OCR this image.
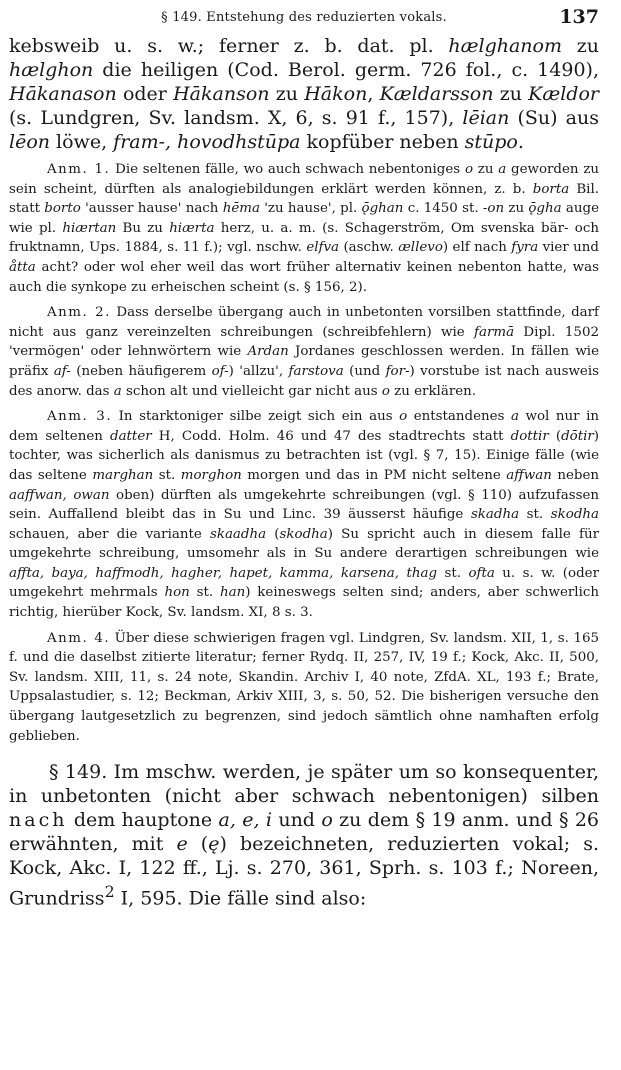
§ 149. Entstehung des reduzierten vokals.	137

kebsweib u. s. w.; ferner z. b. dat. pl. hælghanom zu hælghon die heiligen (Cod. Berol. germ. 726 fol., c. 1490), Hākanason oder Hākanson zu Hākon, Kældarsson zu Kældor (s. Lundgren, Sv. landsm. X, 6, s. 91 f., 157), lēian (Su) aus lēon löwe, fram-, hovodhstūpa kopfüber neben stūpo.

Anm. 1. Die seltenen fälle, wo auch schwach nebentoniges o zu a geworden zu sein scheint, dürften als analogiebildungen erklärt werden können, z. b. borta Bil. statt borto 'ausser hause' nach hēma 'zu hause', pl. ǭghan c. 1450 st. -on zu ǭgha auge wie pl. hiærtan Bu zu hiærta herz, u. a. m. (s. Schagerström, Om svenska bär- och fruktnamn, Ups. 1884, s. 11 f.); vgl. nschw. elfva (aschw. ællevo) elf nach fyra vier und åtta acht? oder wol eher weil das wort früher alternativ keinen nebenton hatte, was auch die synkope zu erheischen scheint (s. § 156, 2).

Anm. 2. Dass derselbe übergang auch in unbetonten vorsilben stattfinde, darf nicht aus ganz vereinzelten schreibungen (schreibfehlern) wie farmā Dipl. 1502 'vermögen' oder lehnwörtern wie Ardan Jordanes geschlossen werden. In fällen wie präfix af- (neben häufigerem of-) 'allzu', farstova (und for-) vorstube ist nach ausweis des anorw. das a schon alt und vielleicht gar nicht aus o zu erklären.

Anm. 3. In starktoniger silbe zeigt sich ein aus o entstandenes a wol nur in dem seltenen datter H, Codd. Holm. 46 und 47 des stadtrechts statt dottir (dōtir) tochter, was sicherlich als danismus zu betrachten ist (vgl. § 7, 15). Einige fälle (wie das seltene marghan st. morghon morgen und das in PM nicht seltene affwan neben aaffwan, owan oben) dürften als umgekehrte schreibungen (vgl. § 110) aufzufassen sein. Auffallend bleibt das in Su und Linc. 39 äusserst häufige skadha st. skodha schauen, aber die variante skaadha (skodha) Su spricht auch in diesem falle für umgekehrte schreibung, umsomehr als in Su andere derartigen schreibungen wie affta, baya, haffmodh, hagher, hapet, kamma, karsena, thag st. ofta u. s. w. (oder umgekehrt mehrmals hon st. han) keineswegs selten sind; anders, aber schwerlich richtig, hierüber Kock, Sv. landsm. XI, 8 s. 3.

Anm. 4. Über diese schwierigen fragen vgl. Lindgren, Sv. landsm. XII, 1, s. 165 f. und die daselbst zitierte literatur; ferner Rydq. II, 257, IV, 19 f.; Kock, Akc. II, 500, Sv. landsm. XIII, 11, s. 24 note, Skandin. Archiv I, 40 note, ZfdA. XL, 193 f.; Brate, Uppsalastudier, s. 12; Beckman, Arkiv XIII, 3, s. 50, 52. Die bisherigen versuche den übergang lautgesetzlich zu begrenzen, sind jedoch sämtlich ohne namhaften erfolg geblieben.

§ 149. Im mschw. werden, je später um so konsequenter, in unbetonten (nicht aber schwach nebentonigen) silben nach dem hauptone a, e, i und o zu dem § 19 anm. und § 26 erwähnten, mit e (ę) bezeichneten, reduzierten vokal; s. Kock, Akc. I, 122 ff., Lj. s. 270, 361, Sprh. s. 103 f.; Noreen, Grundriss$^2$ I, 595. Die fälle sind also:
